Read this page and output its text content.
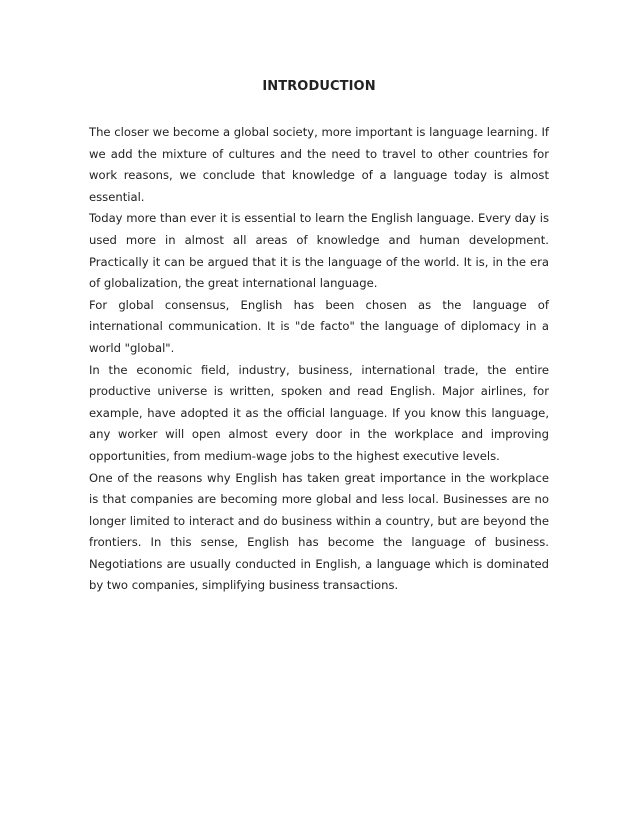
INTRODUCTION

The closer we become a global society, more important is language learning. If we add the mixture of cultures and the need to travel to other countries for work reasons, we conclude that knowledge of a language today is almost essential.

Today more than ever it is essential to learn the English language. Every day is used more in almost all areas of knowledge and human development. Practically it can be argued that it is the language of the world. It is, in the era of globalization, the great international language.

For global consensus, English has been chosen as the language of international communication. It is "de facto" the language of diplomacy in a world "global".

In the economic field, industry, business, international trade, the entire productive universe is written, spoken and read English. Major airlines, for example, have adopted it as the official language. If you know this language, any worker will open almost every door in the workplace and improving opportunities, from medium-wage jobs to the highest executive levels.

One of the reasons why English has taken great importance in the workplace is that companies are becoming more global and less local. Businesses are no longer limited to interact and do business within a country, but are beyond the frontiers. In this sense, English has become the language of business. Negotiations are usually conducted in English, a language which is dominated by two companies, simplifying business transactions.
